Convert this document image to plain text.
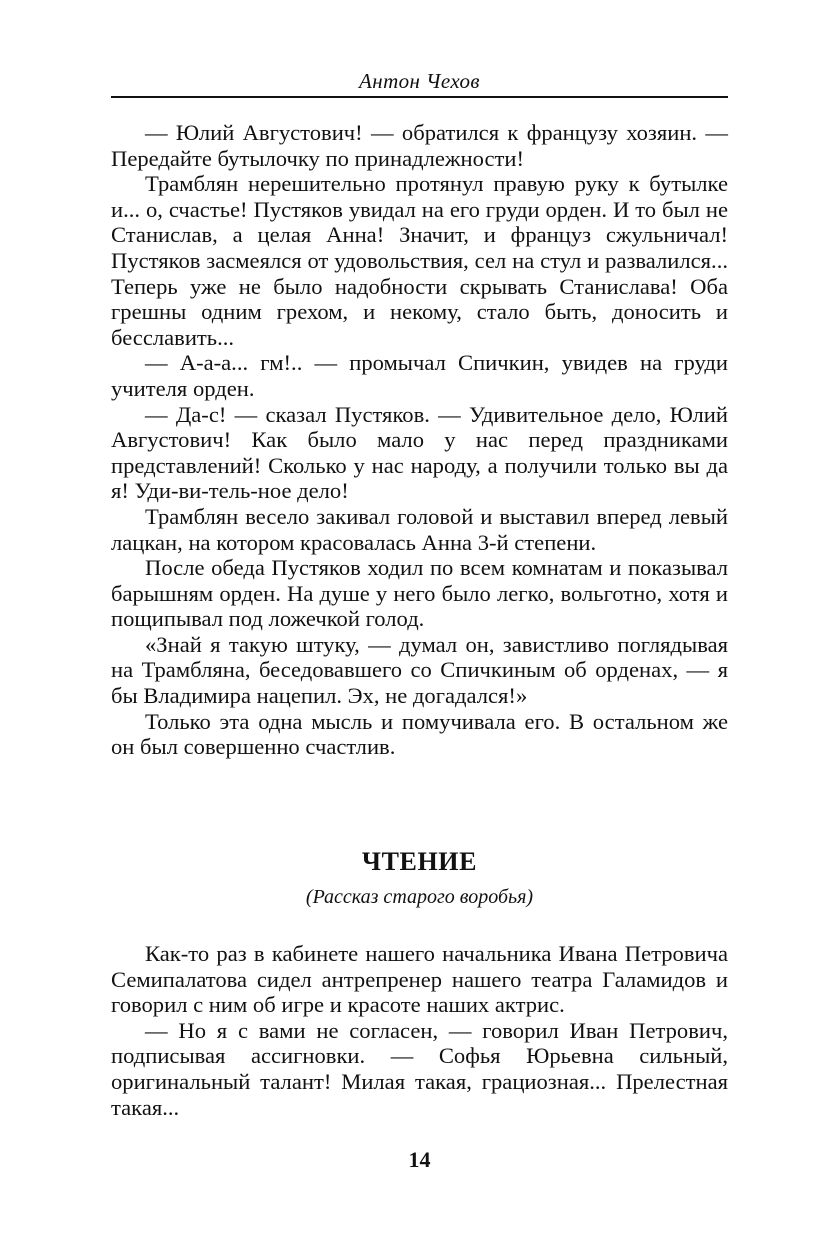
Антон Чехов

— Юлий Августович! — обратился к французу хозяин. — Передайте бутылочку по принадлежности!

Трамблян нерешительно протянул правую руку к бутылке и... о, счастье! Пустяков увидал на его груди орден. И то был не Станислав, а целая Анна! Значит, и француз сжульничал! Пустяков засмеялся от удовольствия, сел на стул и развалился... Теперь уже не было надобности скрывать Станислава! Оба грешны одним грехом, и некому, стало быть, доносить и бесславить...

— А-а-а... гм!.. — промычал Спичкин, увидев на груди учителя орден.

— Да-с! — сказал Пустяков. — Удивительное дело, Юлий Августович! Как было мало у нас перед праздниками представлений! Сколько у нас народу, а получили только вы да я! Уди-ви-тель-ное дело!

Трамблян весело закивал головой и выставил вперед левый лацкан, на котором красовалась Анна 3-й степени.

После обеда Пустяков ходил по всем комнатам и показывал барышням орден. На душе у него было легко, вольготно, хотя и пощипывал под ложечкой голод.

«Знай я такую штуку, — думал он, завистливо поглядывая на Трамбляна, беседовавшего со Спичкиным об орденах, — я бы Владимира нацепил. Эх, не догадался!»

Только эта одна мысль и помучивала его. В остальном же он был совершенно счастлив.

ЧТЕНИЕ
(Рассказ старого воробья)

Как-то раз в кабинете нашего начальника Ивана Петровича Семипалатова сидел антрепренер нашего театра Галамидов и говорил с ним об игре и красоте наших актрис.

— Но я с вами не согласен, — говорил Иван Петрович, подписывая ассигновки. — Софья Юрьевна сильный, оригинальный талант! Милая такая, грациозная... Прелестная такая...

14
